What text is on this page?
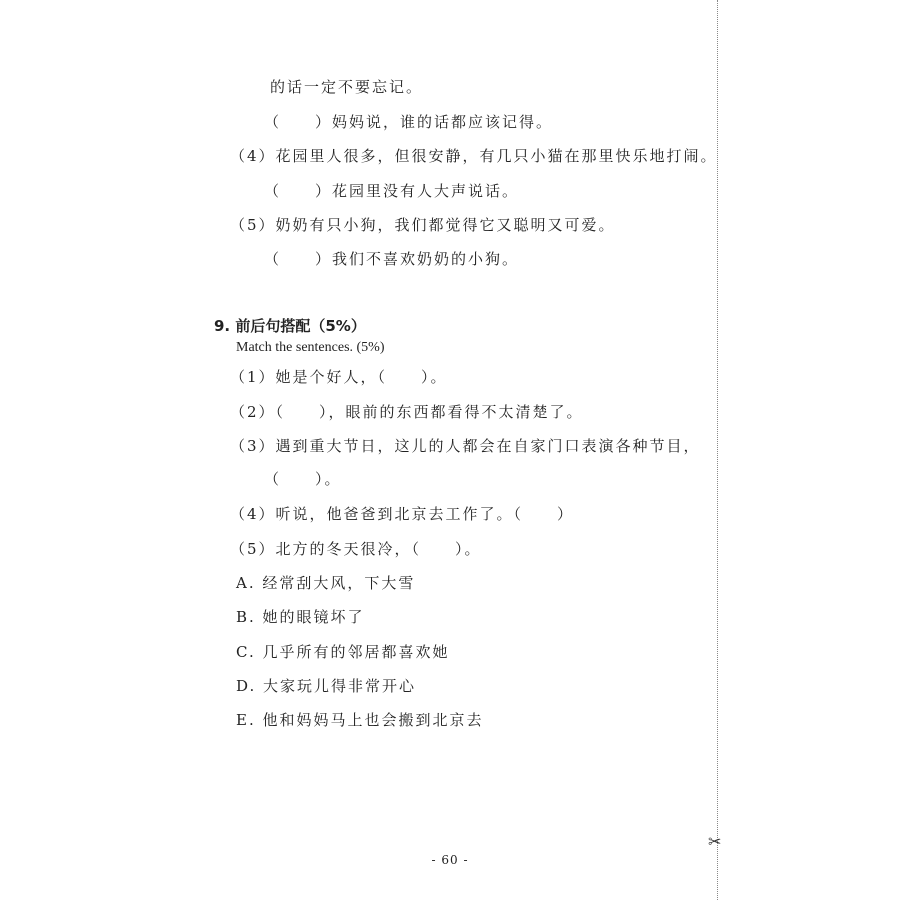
✂
的话一定不要忘记。
（　　）妈妈说，谁的话都应该记得。
（4）花园里人很多，但很安静，有几只小猫在那里快乐地打闹。
（　　）花园里没有人大声说话。
（5）奶奶有只小狗，我们都觉得它又聪明又可爱。
（　　）我们不喜欢奶奶的小狗。
9. 前后句搭配（5%）
Match the sentences. (5%)
（1）她是个好人，（　　）。
（2）（　　），眼前的东西都看得不太清楚了。
（3）遇到重大节日，这儿的人都会在自家门口表演各种节目，
（　　）。
（4）听说，他爸爸到北京去工作了。（　　）
（5）北方的冬天很冷，（　　）。
A. 经常刮大风，下大雪
B. 她的眼镜坏了
C. 几乎所有的邻居都喜欢她
D. 大家玩儿得非常开心
E. 他和妈妈马上也会搬到北京去
- 60 -
